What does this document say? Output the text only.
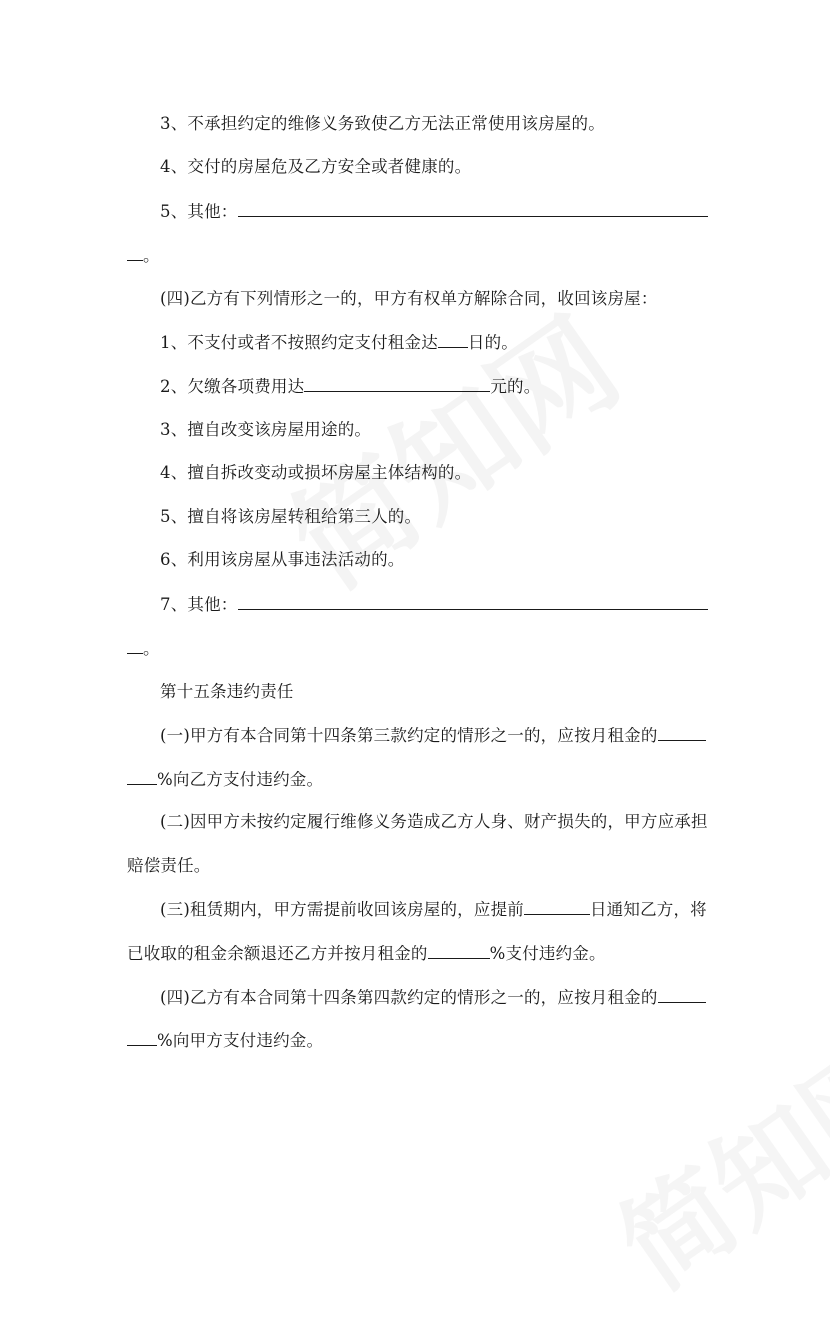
3、不承担约定的维修义务致使乙方无法正常使用该房屋的。
4、交付的房屋危及乙方安全或者健康的。
5、其他：
。
(四)乙方有下列情形之一的，甲方有权单方解除合同，收回该房屋：
1、不支付或者不按照约定支付租金达 日的。
2、欠缴各项费用达	元的。
3、擅自改变该房屋用途的。
4、擅自拆改变动或损坏房屋主体结构的。
5、擅自将该房屋转租给第三人的。
6、利用该房屋从事违法活动的。
7、其他：
。
第十五条违约责任
(一)甲方有本合同第十四条第三款约定的情形之一的，应按月租金的
%向乙方支付违约金。
(二)因甲方未按约定履行维修义务造成乙方人身、财产损失的，甲方应承担
赔偿责任。
(三)租赁期内，甲方需提前收回该房屋的，应提前	日通知乙方，将
已收取的租金余额退还乙方并按月租金的	%支付违约金。
(四)乙方有本合同第十四条第四款约定的情形之一的，应按月租金的
%向甲方支付违约金。
